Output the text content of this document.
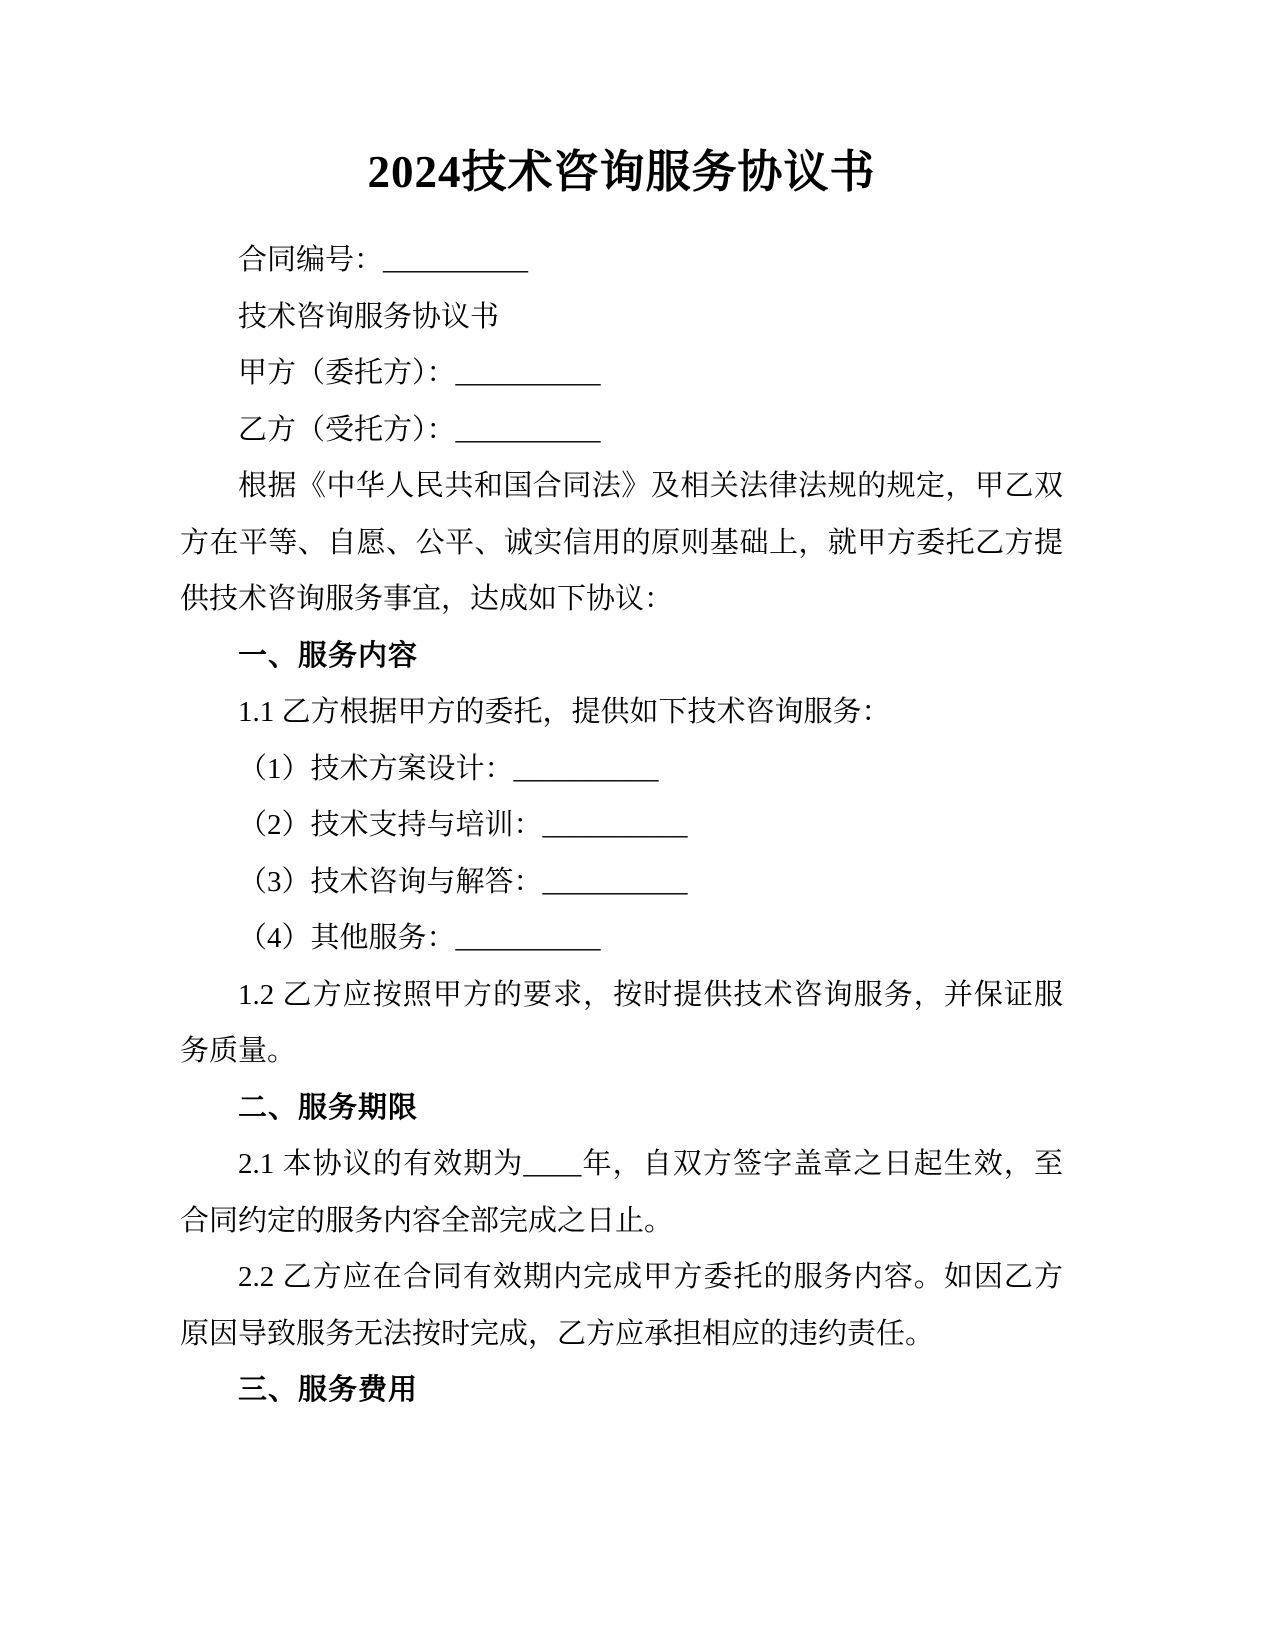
2024技术咨询服务协议书

合同编号：__________

技术咨询服务协议书

甲方（委托方）：__________

乙方（受托方）：__________

根据《中华人民共和国合同法》及相关法律法规的规定，甲乙双方在平等、自愿、公平、诚实信用的原则基础上，就甲方委托乙方提供技术咨询服务事宜，达成如下协议：

一、服务内容

1.1 乙方根据甲方的委托，提供如下技术咨询服务：

（1）技术方案设计：__________

（2）技术支持与培训：__________

（3）技术咨询与解答：__________

（4）其他服务：__________

1.2 乙方应按照甲方的要求，按时提供技术咨询服务，并保证服务质量。

二、服务期限

2.1 本协议的有效期为____年，自双方签字盖章之日起生效，至合同约定的服务内容全部完成之日止。

2.2 乙方应在合同有效期内完成甲方委托的服务内容。如因乙方原因导致服务无法按时完成，乙方应承担相应的违约责任。

三、服务费用
